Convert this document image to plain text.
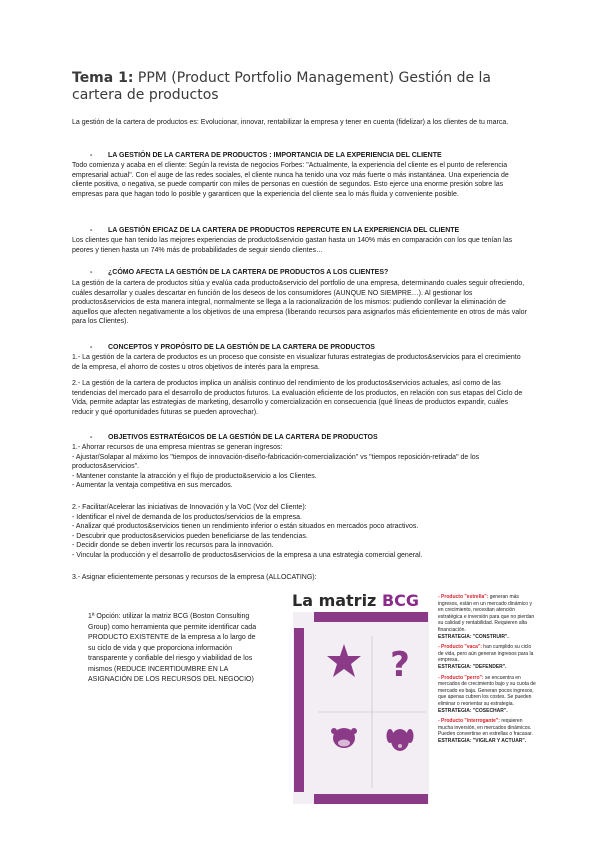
Tema 1: PPM (Product Portfolio Management) Gestión de la cartera de productos
La gestión de la cartera de productos es: Evolucionar, innovar, rentabilizar la empresa y tener en cuenta (fidelizar) a los clientes de tu marca.
- LA GESTIÓN DE LA CARTERA DE PRODUCTOS : IMPORTANCIA DE LA EXPERIENCIA DEL CLIENTE
Todo comienza y acaba en el cliente: Según la revista de negocios Forbes: "Actualmente, la experiencia del cliente es el punto de referencia empresarial actual". Con el auge de las redes sociales, el cliente nunca ha tenido una voz más fuerte o más instantánea. Una experiencia de cliente positiva, o negativa, se puede compartir con miles de personas en cuestión de segundos. Esto ejerce una enorme presión sobre las empresas para que hagan todo lo posible y garanticen que la experiencia del cliente sea lo más fluida y conveniente posible.
- LA GESTIÓN EFICAZ DE LA CARTERA DE PRODUCTOS REPERCUTE EN LA EXPERIENCIA DEL CLIENTE
Los clientes que han tenido las mejores experiencias de producto&servicio gastan hasta un 140% más en comparación con los que tenían las peores y tienen hasta un 74% más de probabilidades de seguir siendo clientes…
- ¿CÓMO AFECTA LA GESTIÓN DE LA CARTERA DE PRODUCTOS A LOS CLIENTES?
La gestión de la cartera de productos sitúa y evalúa cada producto&servicio del portfolio de una empresa, determinando cuales seguir ofreciendo, cuáles desarrollar y cuales descartar en función de los deseos de los consumidores (AUNQUE NO SIEMPRE…). Al gestionar los productos&servicios de esta manera integral, normalmente se llega a la racionalización de los mismos: pudiendo conllevar la eliminación de aquellos que afecten negativamente a los objetivos de una empresa (liberando recursos para asignarlos más eficientemente en otros de más valor para los Clientes).
- CONCEPTOS Y PROPÓSITO DE LA GESTIÓN DE LA CARTERA DE PRODUCTOS
1.- La gestión de la cartera de productos es un proceso que consiste en visualizar futuras estrategias de productos&servicios para el crecimiento de la empresa, el ahorro de costes u otros objetivos de interés para la empresa.
2.- La gestión de la cartera de productos implica un análisis continuo del rendimiento de los productos&servicios actuales, así como de las tendencias del mercado para el desarrollo de productos futuros. La evaluación eficiente de los productos, en relación con sus etapas del Ciclo de Vida, permite adaptar las estrategias de marketing, desarrollo y comercialización en consecuencia (qué líneas de productos expandir, cuáles reducir y qué oportunidades futuras se pueden aprovechar).
- OBJETIVOS ESTRATÉGICOS DE LA GESTIÓN DE LA CARTERA DE PRODUCTOS

1.- Ahorrar recursos de una empresa mientras se generan ingresos:

- Ajustar/Solapar al máximo los "tiempos de innovación-diseño-fabricación-comercialización" vs "tiempos reposición-retirada" de los productos&servicios".

- Mantener constante la atracción y el flujo de producto&servicio a los Clientes.

- Aumentar la ventaja competitiva en sus mercados.

2.- Facilitar/Acelerar las iniciativas de Innovación y la VoC (Voz del Cliente):

- Identificar el nivel de demanda de los productos/servicios de la empresa.

- Analizar qué productos&servicios tienen un rendimiento inferior o están situados en mercados poco atractivos.

- Descubrir que productos&servicios pueden beneficiarse de las tendencias.

- Decidir donde se deben invertir los recursos para la innovación.

- Vincular la producción y el desarrollo de productos&servicios de la empresa a una estrategia comercial general.

3.- Asignar eficientemente personas y recursos de la empresa (ALLOCATING):
1ª Opción: utilizar la matriz BCG (Boston Consulting Group) como herramienta que permite identificar cada PRODUCTO EXISTENTE de la empresa a lo largo de su ciclo de vida y que proporciona información transparente y confiable del riesgo y viabilidad de los mismos (REDUCE INCERTIDUMBRE EN LA ASIGNACIÓN DE LOS RECURSOS DEL NEGOCIO)
La matriz BCG
?

- Producto "estrella": generan más ingresos, están en un mercado dinámico y en crecimiento, necesitan atención estratégica e inversión para que no pierdan su calidad y rentabilidad. Requieren alta financiación.
ESTRATEGIA: "CONSTRUIR".

- Producto "vaca": han cumplido su ciclo de vida, pero aún generan ingresos para la empresa.
ESTRATEGIA: "DEFENDER".

- Producto "perro": se encuentra en mercados de crecimiento bajo y su cuota de mercado es baja. Generan pocos ingresos, que apenas cubren los costes. Se pueden eliminar o reorientar su estrategia.
ESTRATEGIA: "COSECHAR".

- Producto "interrogante": requieren mucha inversión, en mercados dinámicos. Pueden convertirse en estrellas o fracasar.
ESTRATEGIA: "VIGILAR Y ACTUAR".
